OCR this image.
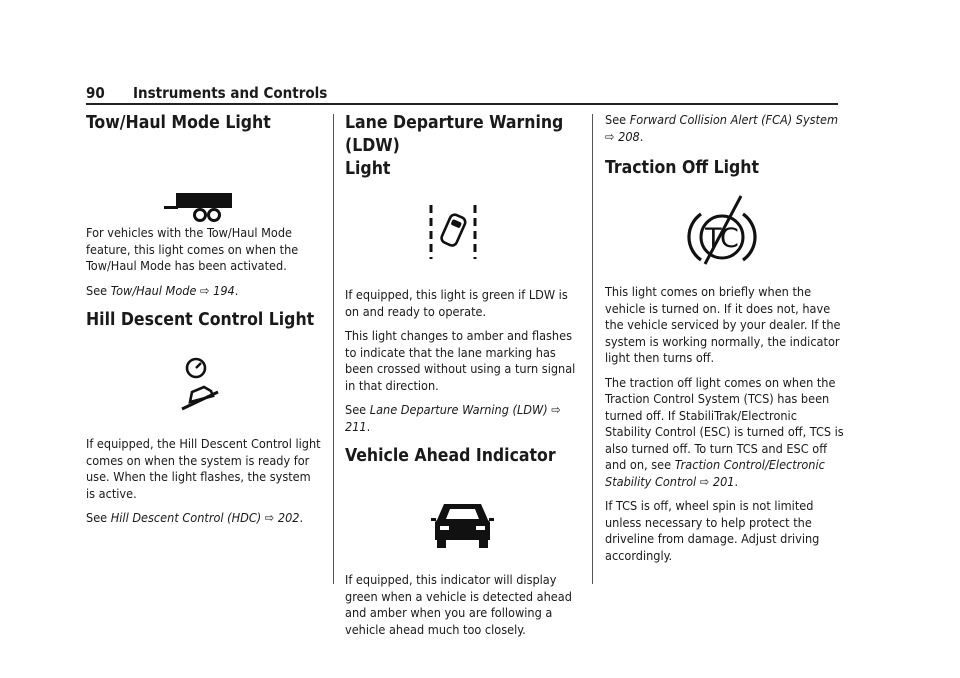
90 Instruments and Controls
Tow/Haul Mode Light

For vehicles with the Tow/Haul Mode feature, this light comes on when the Tow/Haul Mode has been activated.

See Tow/Haul Mode ⇨ 194.

Hill Descent Control Light

If equipped, the Hill Descent Control light comes on when the system is ready for use. When the light flashes, the system is active.

See Hill Descent Control (HDC) ⇨ 202.

Lane Departure Warning (LDW)
Light

If equipped, this light is green if LDW is on and ready to operate.

This light changes to amber and flashes to indicate that the lane marking has been crossed without using a turn signal in that direction.

See Lane Departure Warning (LDW) ⇨ 211.

Vehicle Ahead Indicator

If equipped, this indicator will display green when a vehicle is detected ahead and amber when you are following a vehicle ahead much too closely.

See Forward Collision Alert (FCA) System
⇨ 208.

Traction Off Light
TC

This light comes on briefly when the vehicle is turned on. If it does not, have the vehicle serviced by your dealer. If the system is working normally, the indicator light then turns off.

The traction off light comes on when the Traction Control System (TCS) has been turned off. If StabiliTrak/Electronic Stability Control (ESC) is turned off, TCS is also turned off. To turn TCS and ESC off and on, see Traction Control/Electronic Stability Control ⇨ 201.

If TCS is off, wheel spin is not limited unless necessary to help protect the driveline from damage. Adjust driving accordingly.
